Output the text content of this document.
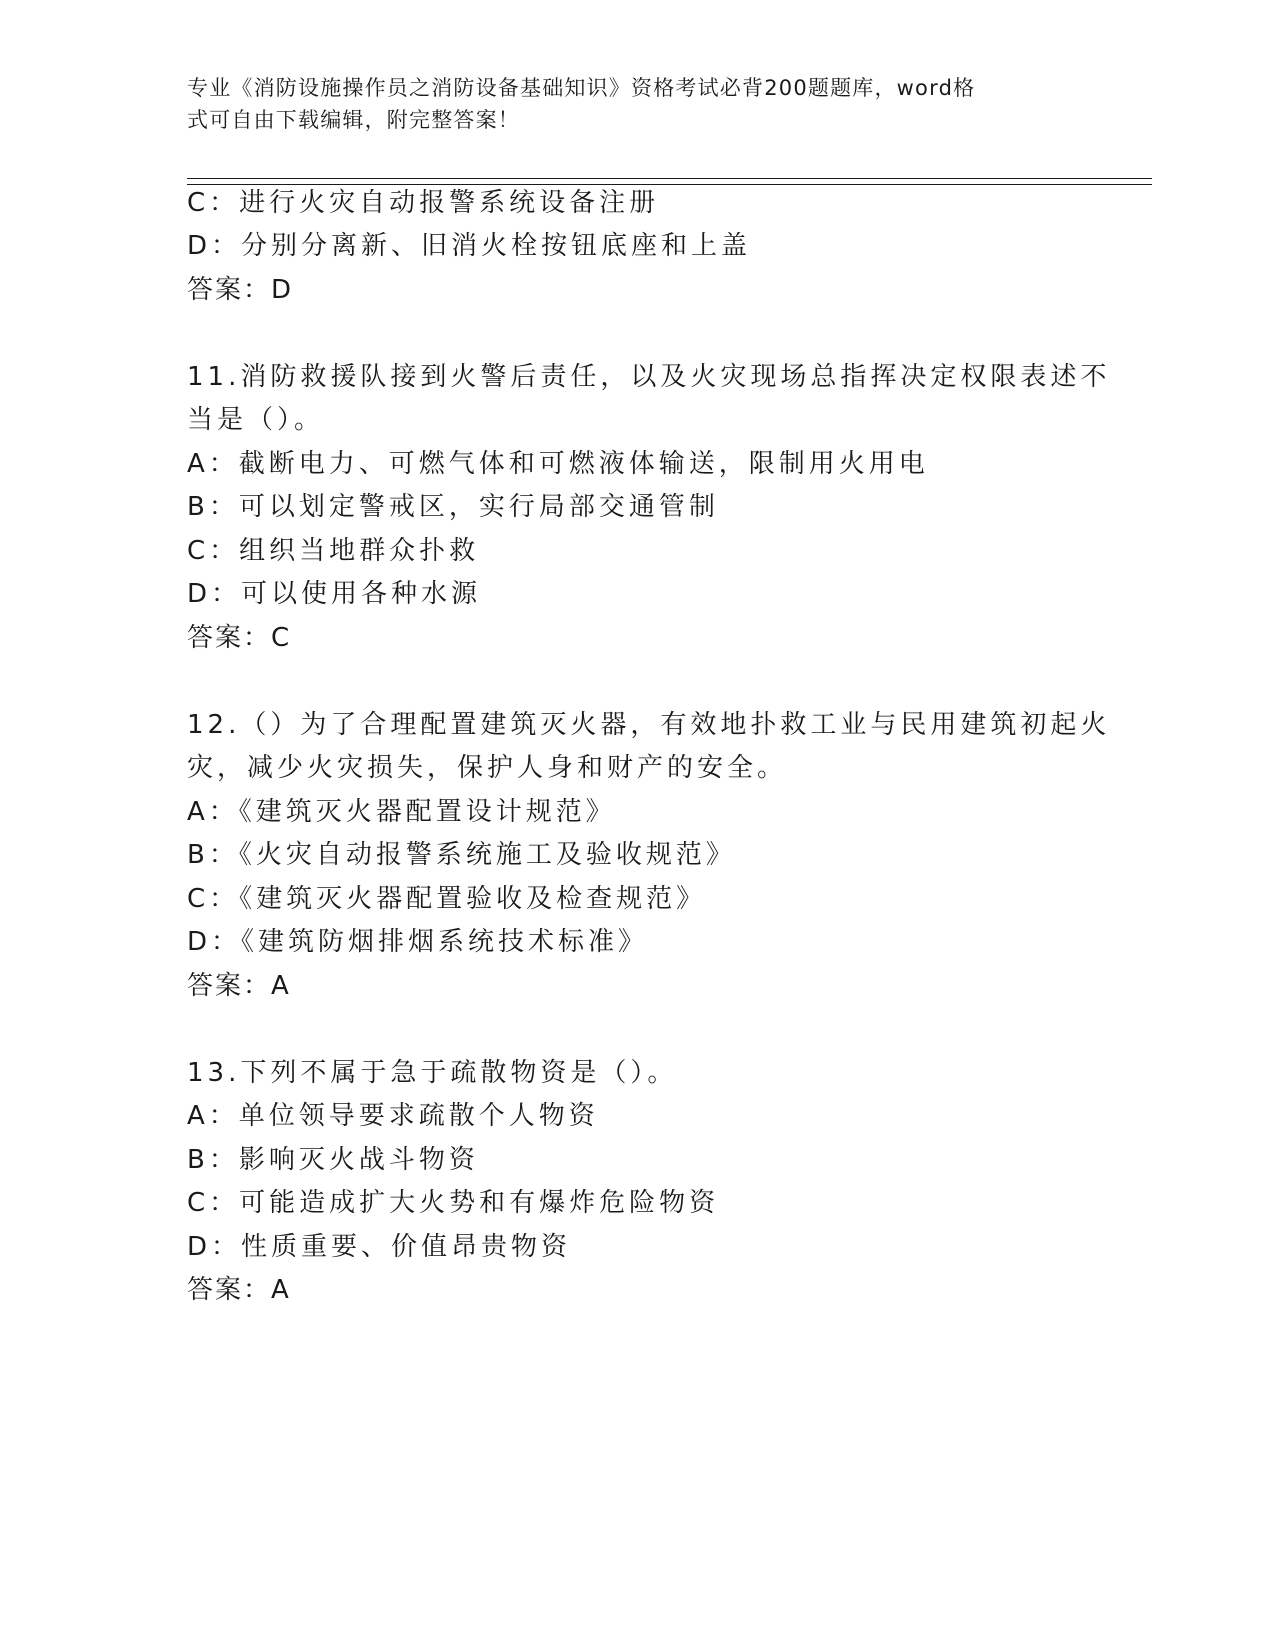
专业《消防设施操作员之消防设备基础知识》资格考试必背200题题库，word格
式可自由下载编辑，附完整答案！
C：进行火灾自动报警系统设备注册
D：分别分离新、旧消火栓按钮底座和上盖
答案：D
11.消防救援队接到火警后责任，以及火灾现场总指挥决定权限表述不
当是（）。
A：截断电力、可燃气体和可燃液体输送，限制用火用电
B：可以划定警戒区，实行局部交通管制
C：组织当地群众扑救
D：可以使用各种水源
答案：C
12.（）为了合理配置建筑灭火器，有效地扑救工业与民用建筑初起火
灾，减少火灾损失，保护人身和财产的安全。
A：《建筑灭火器配置设计规范》
B：《火灾自动报警系统施工及验收规范》
C：《建筑灭火器配置验收及检查规范》
D：《建筑防烟排烟系统技术标准》
答案：A
13.下列不属于急于疏散物资是（）。
A：单位领导要求疏散个人物资
B：影响灭火战斗物资
C：可能造成扩大火势和有爆炸危险物资
D：性质重要、价值昂贵物资
答案：A
